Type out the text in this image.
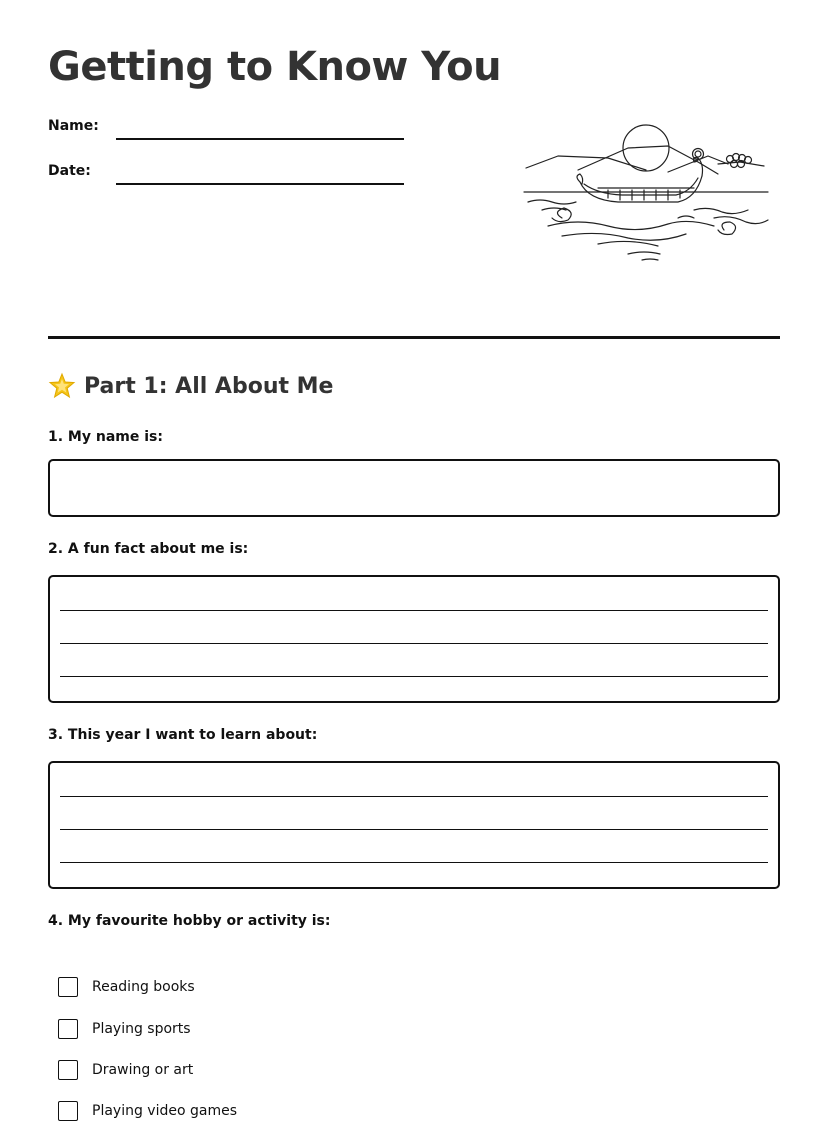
Getting to Know You
Name:
Date:
Part 1: All About Me
1. My name is:
2. A fun fact about me is:
3. This year I want to learn about:
4. My favourite hobby or activity is:
Reading books
Playing sports
Drawing or art
Playing video games
